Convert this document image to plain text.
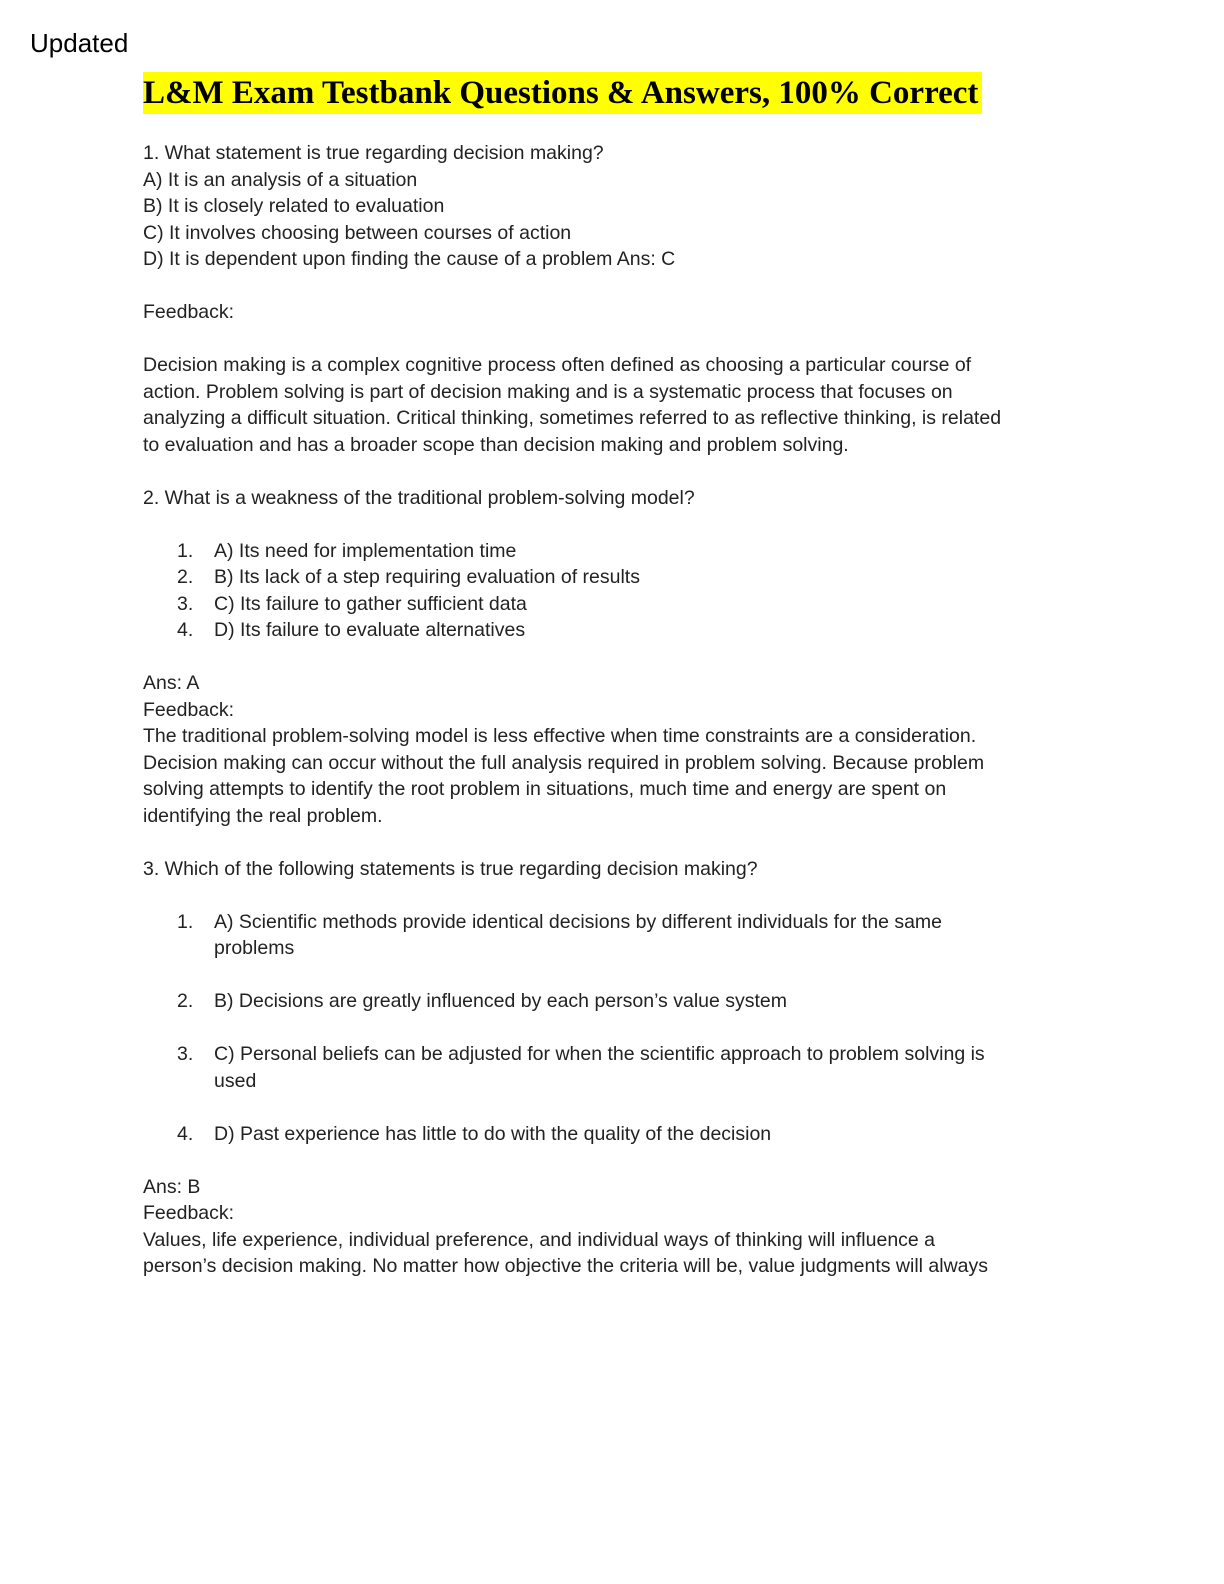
Updated
L&M Exam Testbank Questions & Answers, 100% Correct
1. What statement is true regarding decision making?
A) It is an analysis of a situation
B) It is closely related to evaluation
C) It involves choosing between courses of action
D) It is dependent upon finding the cause of a problem Ans: C
Feedback:
Decision making is a complex cognitive process often defined as choosing a particular course of
action. Problem solving is part of decision making and is a systematic process that focuses on
analyzing a difficult situation. Critical thinking, sometimes referred to as reflective thinking, is related
to evaluation and has a broader scope than decision making and problem solving.
2. What is a weakness of the traditional problem-solving model?
1.	A) Its need for implementation time
2.	B) Its lack of a step requiring evaluation of results
3.	C) Its failure to gather sufficient data
4.	D) Its failure to evaluate alternatives
Ans: A
Feedback:
The traditional problem-solving model is less effective when time constraints are a consideration.
Decision making can occur without the full analysis required in problem solving. Because problem
solving attempts to identify the root problem in situations, much time and energy are spent on
identifying the real problem.
3. Which of the following statements is true regarding decision making?
1.	A) Scientific methods provide identical decisions by different individuals for the same
problems
2.	B) Decisions are greatly influenced by each person’s value system
3.	C) Personal beliefs can be adjusted for when the scientific approach to problem solving is
used
4.	D) Past experience has little to do with the quality of the decision
Ans: B
Feedback:
Values, life experience, individual preference, and individual ways of thinking will influence a
person’s decision making. No matter how objective the criteria will be, value judgments will always
